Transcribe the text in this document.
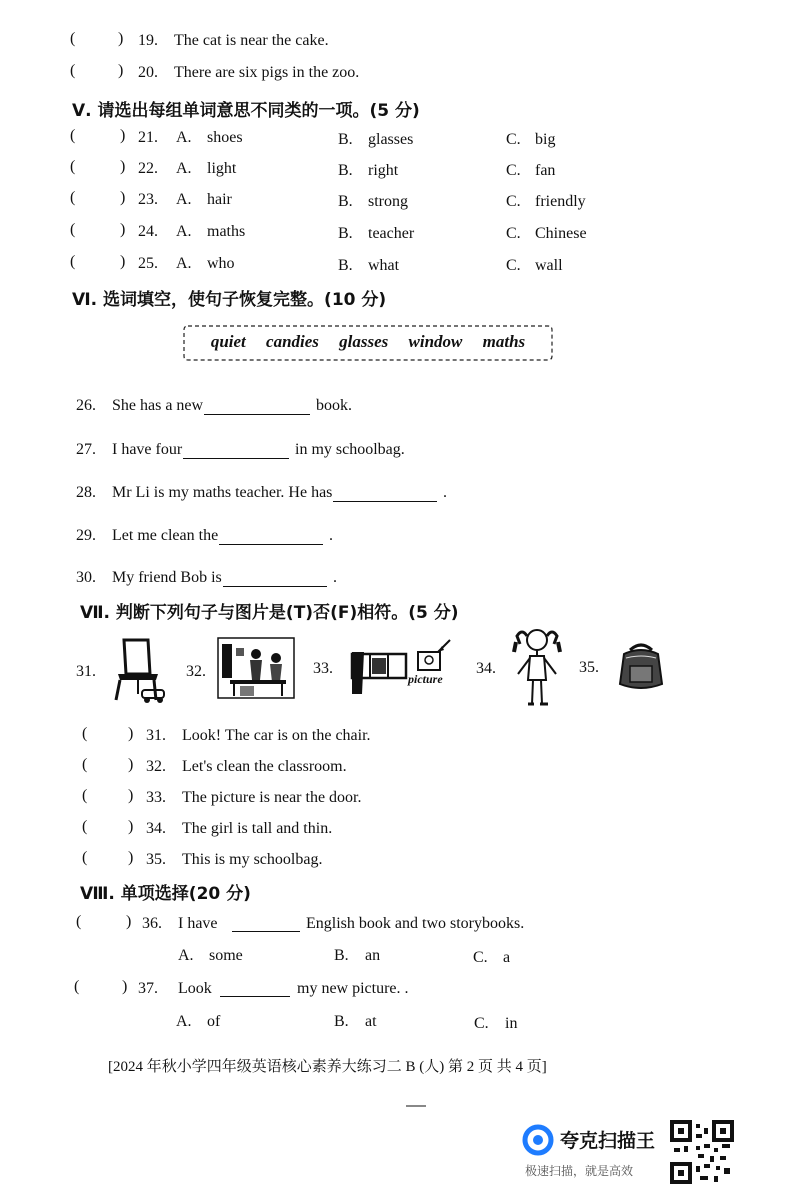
Ⅴ. 请选出每组单词意思不同类的一项。(5 分)
Ⅵ. 选词填空，使句子恢复完整。(10 分)
quiet candies glasses window maths
Ⅶ. 判断下列句子与图片是(T)否(F)相符。(5 分)
31.	32.	33.
picture
34.	35.
Ⅷ. 单项选择(20 分)
(	) 36. I have	English book and two storybooks.
A. some	B. an	C. a
(	) 37. Look	my new picture. .
A. of	B. at	C. in
[2024 年秋小学四年级英语核心素养大练习二 B (人) 第 2 页 共 4 页]
夸克扫描王
极速扫描，就是高效
(	) 19. The cat is near the cake.
(	) 20. There are six pigs in the zoo.
(	) 21. A. shoes	B. glasses	C. big
(	) 22. A. light	B. right	C. fan
(	) 23. A. hair	B. strong	C. friendly
(	) 24. A. maths	B. teacher	C. Chinese
(	) 25. A. who	B. what	C. wall
26. She has a new	book.
27. I have four	in my schoolbag.
28. Mr Li is my maths teacher. He has	.
29. Let me clean the	.
30. My friend Bob is	.
(	) 31. Look! The car is on the chair.
(	) 32. Let's clean the classroom.
(	) 33. The picture is near the door.
(	) 34. The girl is tall and thin.
(	) 35. This is my schoolbag.
